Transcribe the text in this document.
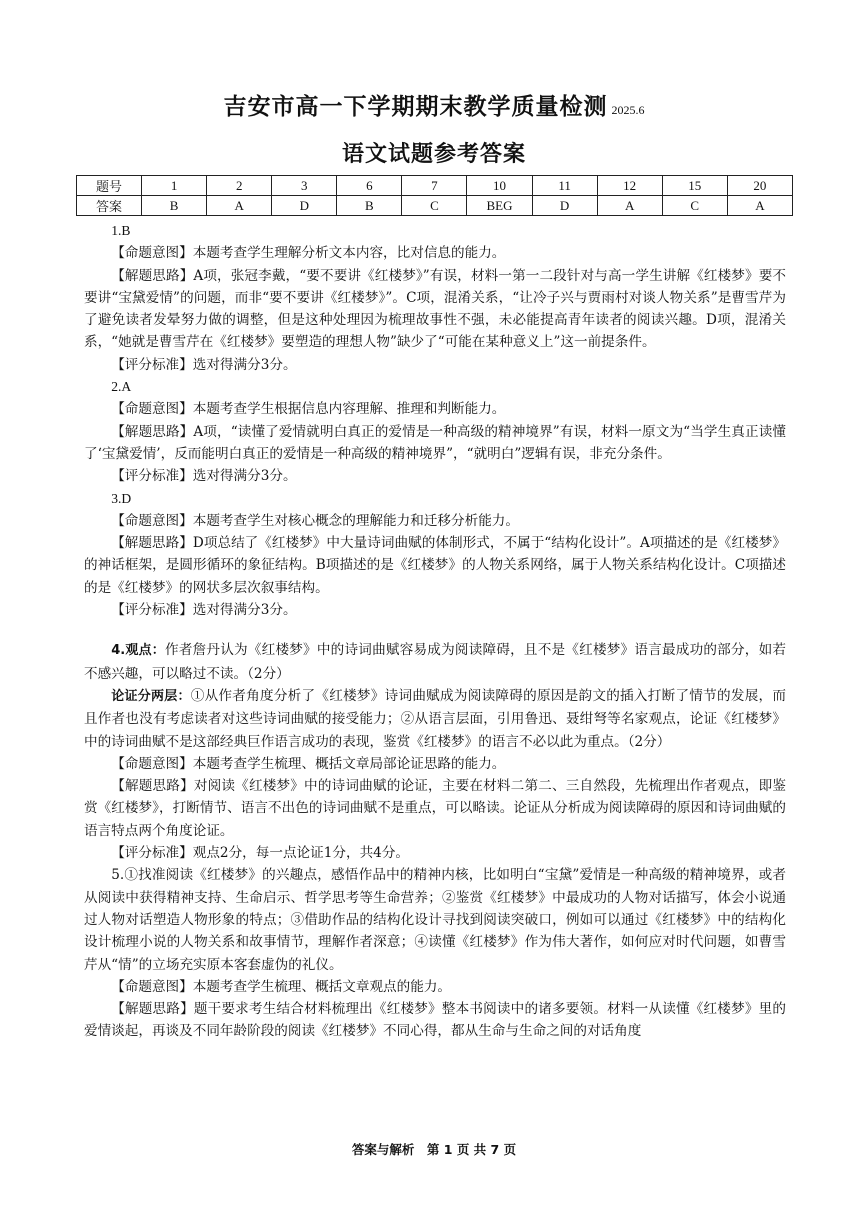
吉安市高一下学期期末教学质量检测 2025.6
语文试题参考答案
题号	1	2	3	6	7	10	11	12	15	20
答案	B	A	D	B	C	BEG	D	A	C	A

1.B

【命题意图】本题考查学生理解分析文本内容，比对信息的能力。

【解题思路】A项，张冠李戴，“要不要讲《红楼梦》”有误，材料一第一二段针对与高一学生讲解《红楼梦》要不要讲“宝黛爱情”的问题，而非“要不要讲《红楼梦》”。C项，混淆关系，“让冷子兴与贾雨村对谈人物关系”是曹雪芹为了避免读者发晕努力做的调整，但是这种处理因为梳理故事性不强，未必能提高青年读者的阅读兴趣。D项，混淆关系，“她就是曹雪芹在《红楼梦》要塑造的理想人物”缺少了“可能在某种意义上”这一前提条件。

【评分标准】选对得满分3分。

2.A

【命题意图】本题考查学生根据信息内容理解、推理和判断能力。

【解题思路】A项，“读懂了爱情就明白真正的爱情是一种高级的精神境界”有误，材料一原文为“当学生真正读懂了‘宝黛爱情’，反而能明白真正的爱情是一种高级的精神境界”，“就明白”逻辑有误，非充分条件。

【评分标准】选对得满分3分。

3.D

【命题意图】本题考查学生对核心概念的理解能力和迁移分析能力。

【解题思路】D项总结了《红楼梦》中大量诗词曲赋的体制形式，不属于“结构化设计”。A项描述的是《红楼梦》的神话框架，是圆形循环的象征结构。B项描述的是《红楼梦》的人物关系网络，属于人物关系结构化设计。C项描述的是《红楼梦》的网状多层次叙事结构。

【评分标准】选对得满分3分。

4.观点：作者詹丹认为《红楼梦》中的诗词曲赋容易成为阅读障碍，且不是《红楼梦》语言最成功的部分，如若不感兴趣，可以略过不读。（2分）

论证分两层：①从作者角度分析了《红楼梦》诗词曲赋成为阅读障碍的原因是韵文的插入打断了情节的发展，而且作者也没有考虑读者对这些诗词曲赋的接受能力；②从语言层面，引用鲁迅、聂绀弩等名家观点，论证《红楼梦》中的诗词曲赋不是这部经典巨作语言成功的表现，鉴赏《红楼梦》的语言不必以此为重点。（2分）

【命题意图】本题考查学生梳理、概括文章局部论证思路的能力。

【解题思路】对阅读《红楼梦》中的诗词曲赋的论证，主要在材料二第二、三自然段，先梳理出作者观点，即鉴赏《红楼梦》，打断情节、语言不出色的诗词曲赋不是重点，可以略读。论证从分析成为阅读障碍的原因和诗词曲赋的语言特点两个角度论证。

【评分标准】观点2分，每一点论证1分，共4分。

5.①找准阅读《红楼梦》的兴趣点，感悟作品中的精神内核，比如明白“宝黛”爱情是一种高级的精神境界，或者从阅读中获得精神支持、生命启示、哲学思考等生命营养；②鉴赏《红楼梦》中最成功的人物对话描写，体会小说通过人物对话塑造人物形象的特点；③借助作品的结构化设计寻找到阅读突破口，例如可以通过《红楼梦》中的结构化设计梳理小说的人物关系和故事情节，理解作者深意；④读懂《红楼梦》作为伟大著作，如何应对时代问题，如曹雪芹从“情”的立场充实原本客套虚伪的礼仪。

【命题意图】本题考查学生梳理、概括文章观点的能力。

【解题思路】题干要求考生结合材料梳理出《红楼梦》整本书阅读中的诸多要领。材料一从读懂《红楼梦》里的爱情谈起，再谈及不同年龄阶段的阅读《红楼梦》不同心得，都从生命与生命之间的对话角度

答案与解析　第 1 页 共 7 页
